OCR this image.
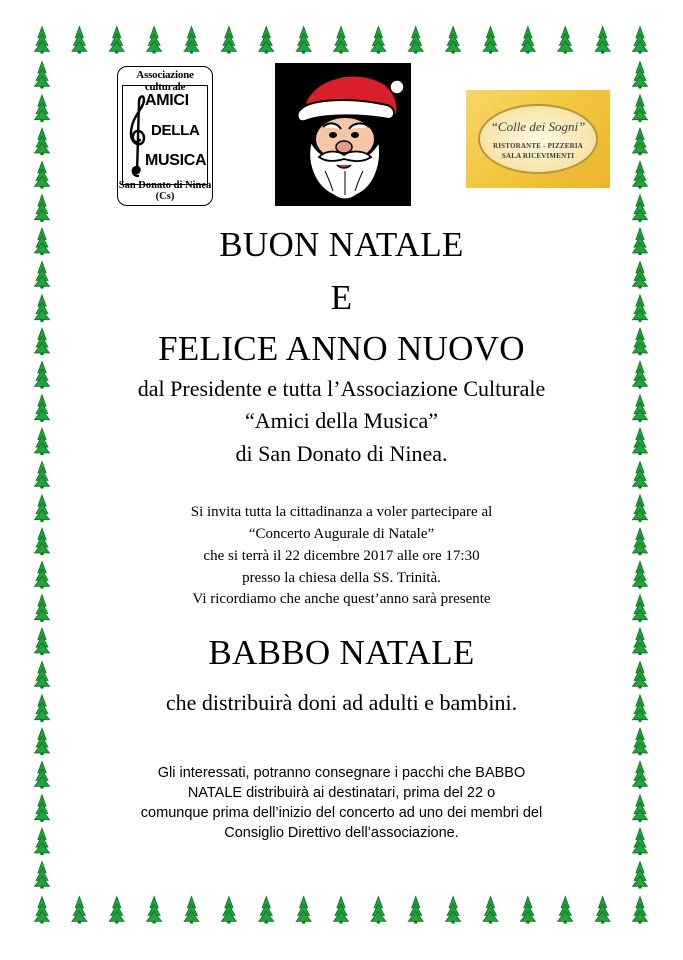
Associazione culturale
AMICI
DELLA
MUSICA
San Donato di Ninea (Cs)
“Colle dei Sogni”
RISTORANTE - PIZZERIA
SALA RICEVIMENTI
BUON NATALE
E
FELICE ANNO NUOVO
dal Presidente e tutta l’Associazione Culturale
“Amici della Musica”
di San Donato di Ninea.
Si invita tutta la cittadinanza a voler partecipare al
“Concerto Augurale di Natale”
che si terrà il 22 dicembre 2017 alle ore 17:30
presso la chiesa della SS. Trinità.
Vi ricordiamo che anche quest’anno sarà presente
BABBO NATALE
che distribuirà doni ad adulti e bambini.
Gli interessati, potranno consegnare i pacchi che BABBO
NATALE distribuirà ai destinatari, prima del 22 o
comunque prima dell’inizio del concerto ad uno dei membri del
Consiglio Direttivo dell’associazione.
